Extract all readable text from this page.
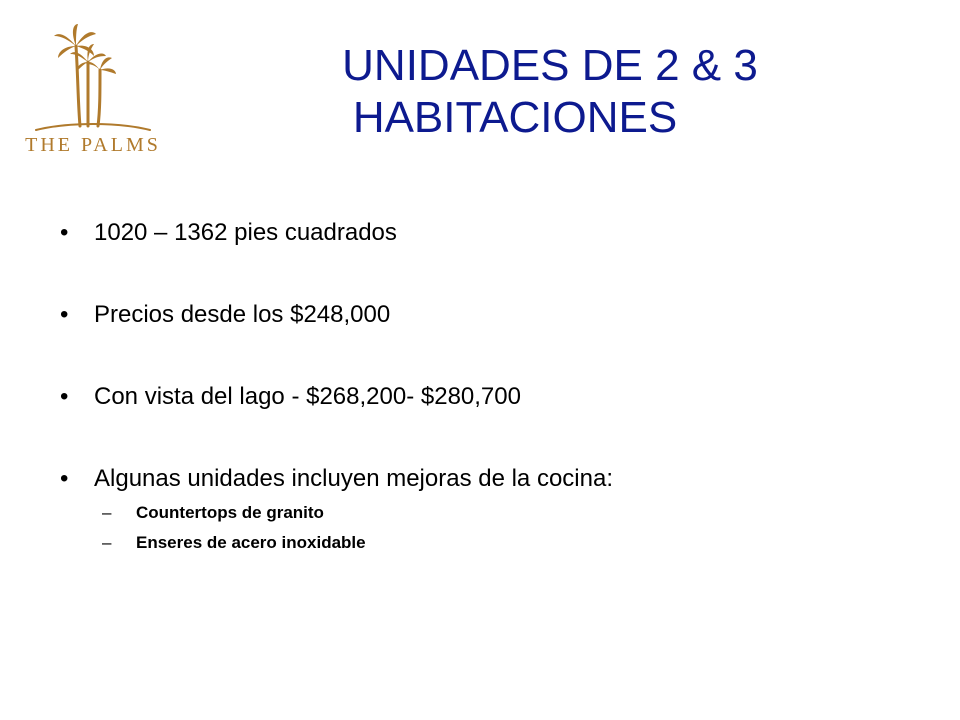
THE PALMS
UNIDADES DE 2 & 3
HABITACIONES
• 1020 – 1362 pies cuadrados
• Precios desde los $248,000
• Con vista del lago - $268,200- $280,700
• Algunas unidades incluyen mejoras de la cocina:
– Countertops de granito
– Enseres de acero inoxidable
